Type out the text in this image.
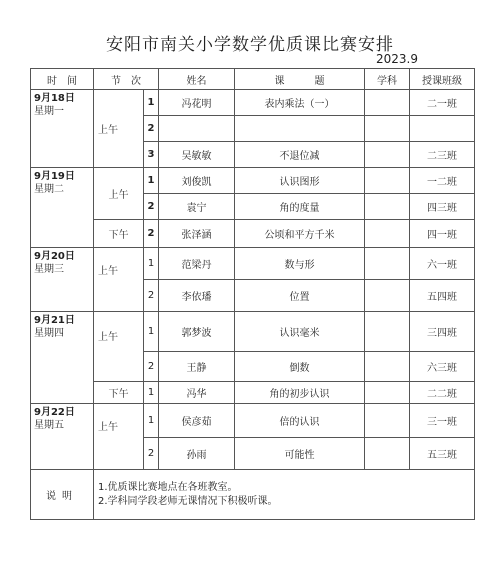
安阳市南关小学数学优质课比赛安排
2023.9
时　间	节　次		姓名	课　　　题	学科	授课班级

9月18日
星期一	上午	1	冯花明	表内乘法（一）		二一班
		2				
		3	吴敏敏	不退位减		二三班

9月19日
星期二	上午	1	刘俊凯	认识图形		一二班
		2	袁宁	角的度量		四三班
	下午	2	张泽涵	公顷和平方千米		四一班

9月20日
星期三	上午	1	范梁丹	数与形		六一班
		2	李依璠	位置		五四班

9月21日
星期四	上午	1	郭梦波	认识毫米		三四班
		2	王静	倒数		六三班
	下午	1	冯华	角的初步认识		二二班

9月22日
星期五	上午	1	侯彦茹	倍的认识		三一班
		2	孙雨	可能性		五三班
说明	1.优质课比赛地点在各班教室。
2.学科同学段老师无课情况下积极听课。					
